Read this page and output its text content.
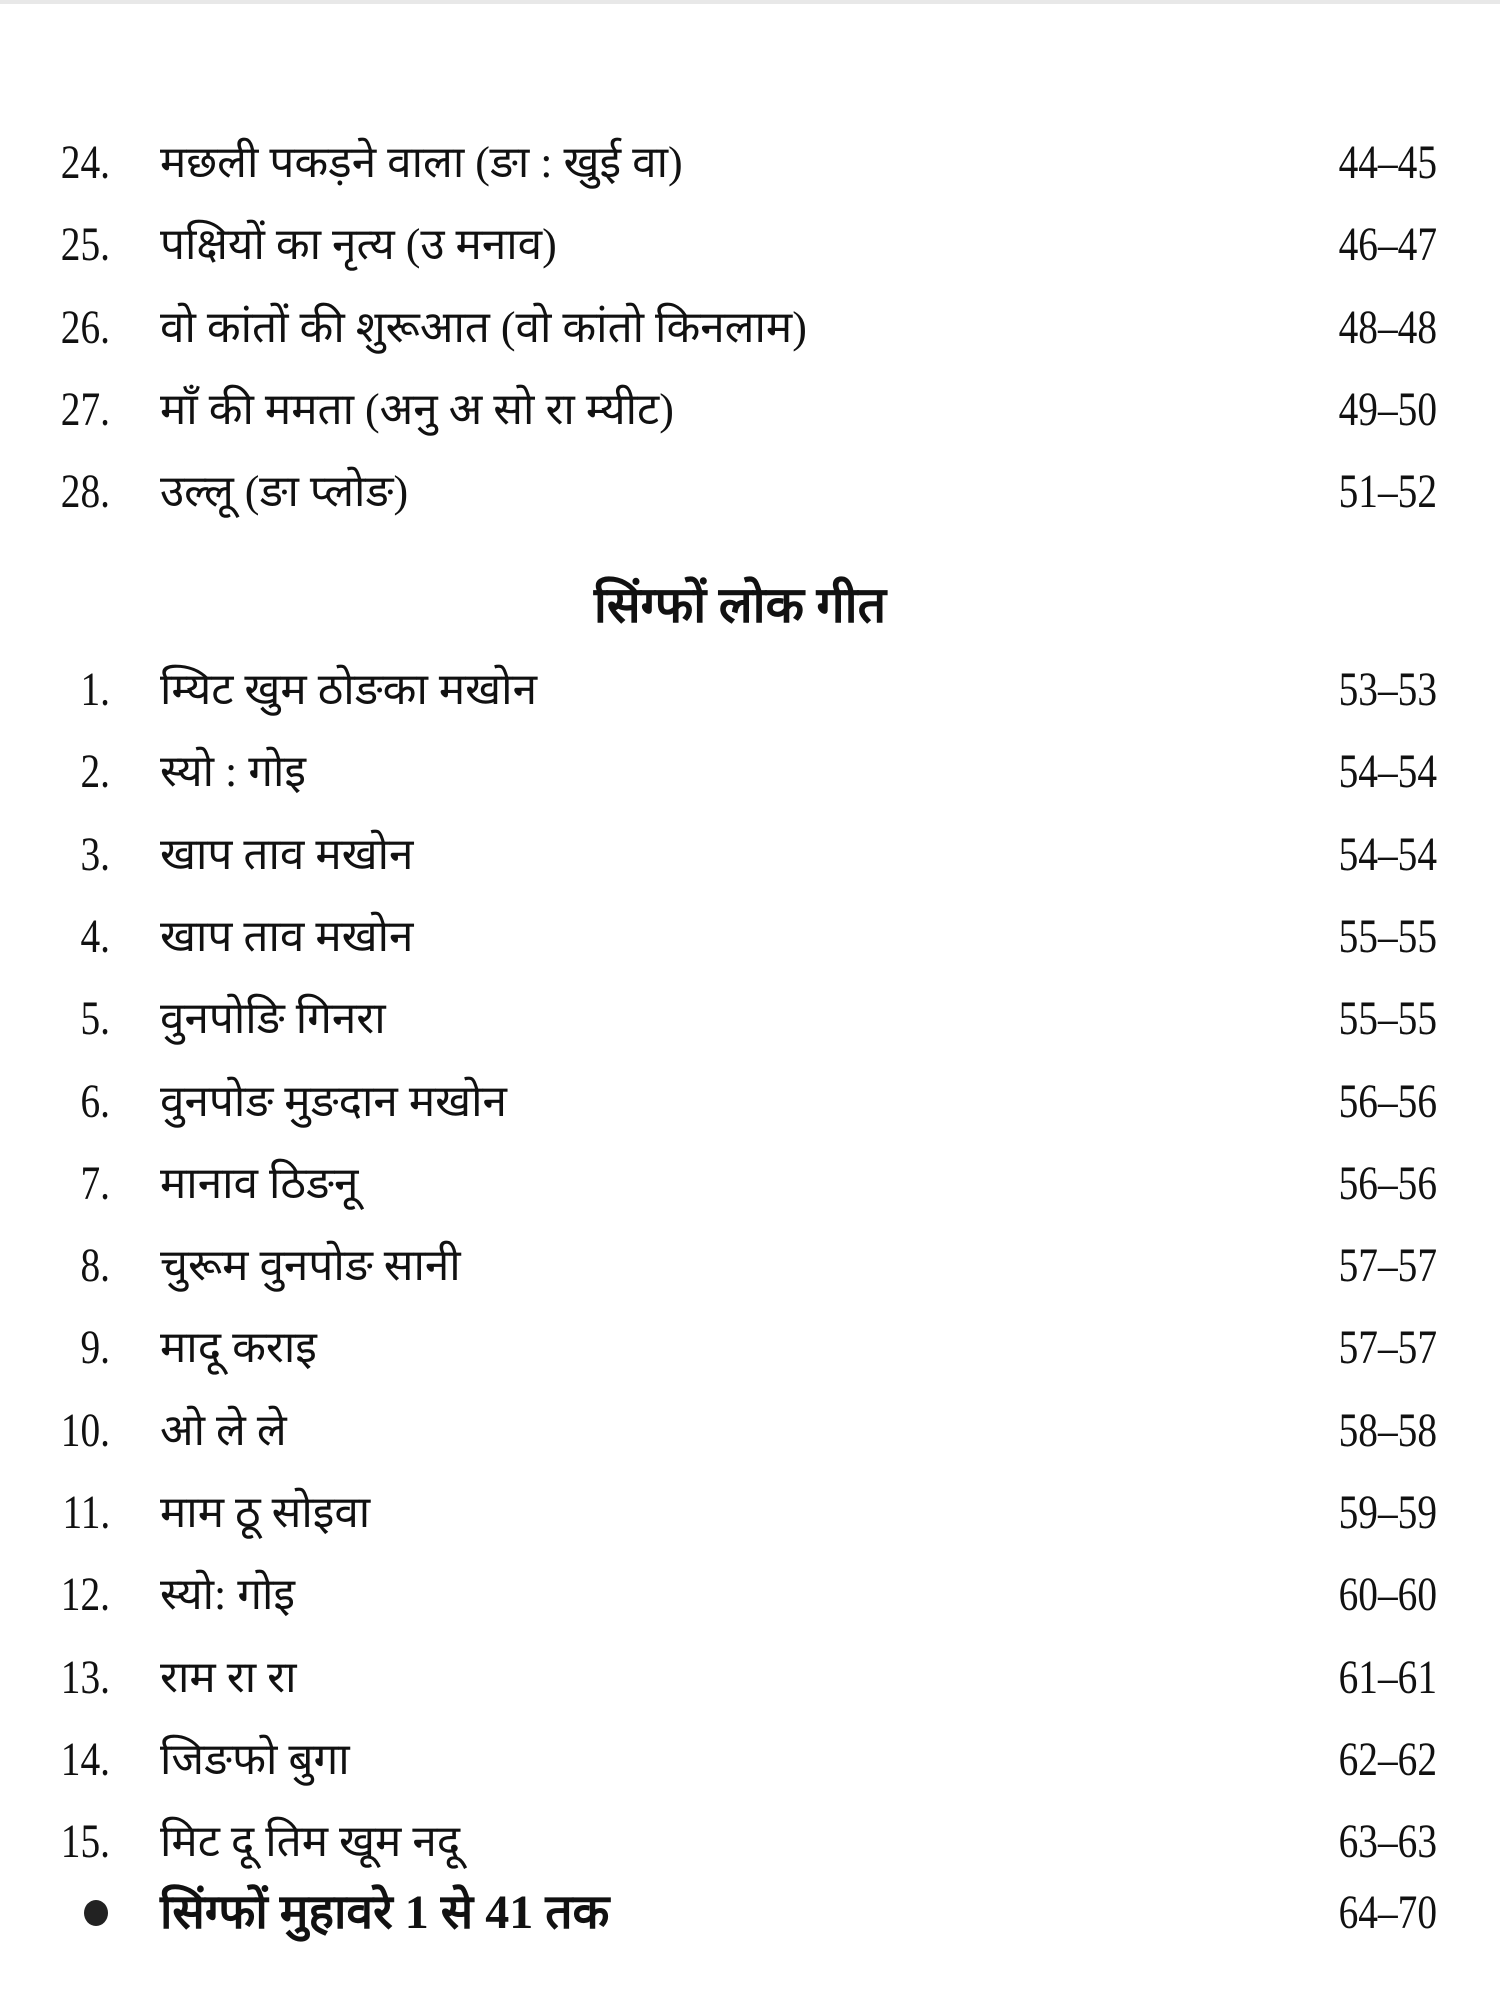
24. मछली पकड़ने वाला (ङा : खुई वा)	44–45
25. पक्षियों का नृत्य (उ मनाव)	46–47
26. वो कांतों की शुरूआत (वो कांतो किनलाम)	48–48
27. माँ की ममता (अनु अ सो रा म्यीट)	49–50
28. उल्लू (ङा प्लोङ)	51–52
सिंग्फों लोक गीत
1. म्यिट खुम ठोङका मखोन	53–53
2. स्यो : गोइ	54–54
3. खाप ताव मखोन	54–54
4. खाप ताव मखोन	55–55
5. वुनपोङि गिनरा	55–55
6. वुनपोङ मुङदान मखोन	56–56
7. मानाव ठिङनू	56–56
8. चुरूम वुनपोङ सानी	57–57
9. मादू कराइ	57–57
10. ओ ले ले	58–58
11. माम ठू सोइवा	59–59
12. स्यो: गोइ	60–60
13. राम रा रा	61–61
14. जिङफो बुगा	62–62
15. मिट दू तिम खूम नदू	63–63
सिंग्फों मुहावरे 1 से 41 तक	64–70
